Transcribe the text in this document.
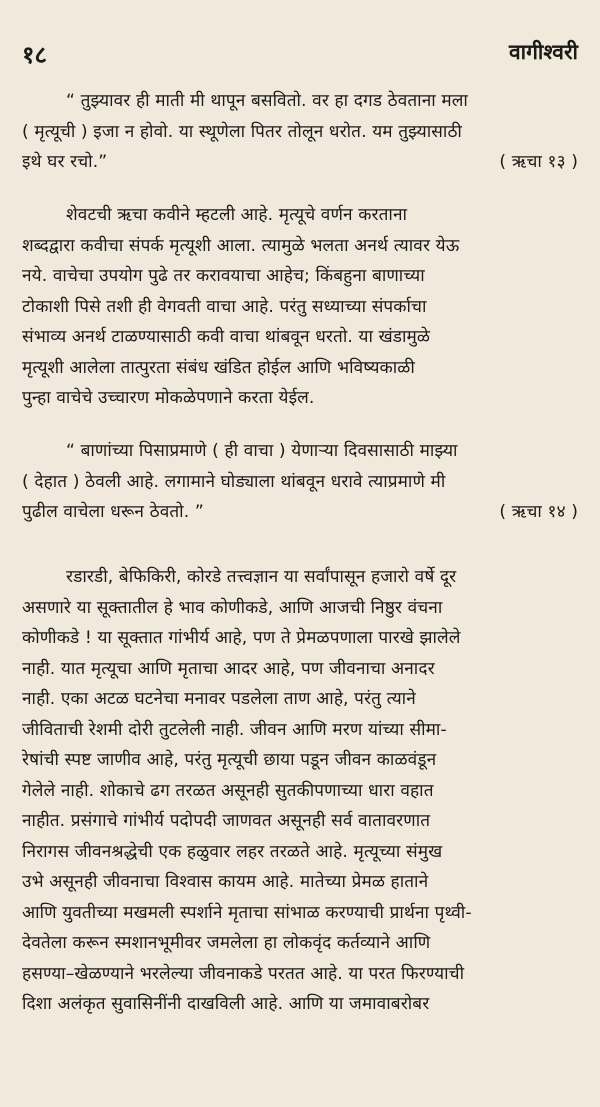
१८	वागीश्वरी
“ तुझ्यावर ही माती मी थापून बसवितो. वर हा दगड ठेवताना मला
( मृत्यूची ) इजा न होवो. या स्थूणेला पितर तोलून धरोत. यम तुझ्यासाठी
इथे घर रचो.”	( ऋचा १३ )
शेवटची ऋचा कवीने म्हटली आहे. मृत्यूचे वर्णन करताना
शब्दद्वारा कवीचा संपर्क मृत्यूशी आला. त्यामुळे भलता अनर्थ त्यावर येऊ
नये. वाचेचा उपयोग पुढे तर करावयाचा आहेच; किंबहुना बाणाच्या
टोकाशी पिसे तशी ही वेगवती वाचा आहे. परंतु सध्याच्या संपर्काचा
संभाव्य अनर्थ टाळण्यासाठी कवी वाचा थांबवून धरतो. या खंडामुळे
मृत्यूशी आलेला तात्पुरता संबंध खंडित होईल आणि भविष्यकाळी
पुन्हा वाचेचे उच्चारण मोकळेपणाने करता येईल.
“ बाणांच्या पिसाप्रमाणे ( ही वाचा ) येणाऱ्या दिवसासाठी माझ्या
( देहात ) ठेवली आहे. लगामाने घोड्याला थांबवून धरावे त्याप्रमाणे मी
पुढील वाचेला धरून ठेवतो. ”	( ऋचा १४ )
रडारडी, बेफिकिरी, कोरडे तत्त्वज्ञान या सर्वांपासून हजारो वर्षे दूर
असणारे या सूक्तातील हे भाव कोणीकडे, आणि आजची निष्ठुर वंचना
कोणीकडे ! या सूक्तात गांभीर्य आहे, पण ते प्रेमळपणाला पारखे झालेले
नाही. यात मृत्यूचा आणि मृताचा आदर आहे, पण जीवनाचा अनादर
नाही. एका अटळ घटनेचा मनावर पडलेला ताण आहे, परंतु त्याने
जीविताची रेशमी दोरी तुटलेली नाही. जीवन आणि मरण यांच्या सीमा-
रेषांची स्पष्ट जाणीव आहे, परंतु मृत्यूची छाया पडून जीवन काळवंडून
गेलेले नाही. शोकाचे ढग तरळत असूनही सुतकीपणाच्या धारा वहात
नाहीत. प्रसंगाचे गांभीर्य पदोपदी जाणवत असूनही सर्व वातावरणात
निरागस जीवनश्रद्धेची एक हळुवार लहर तरळते आहे. मृत्यूच्या संमुख
उभे असूनही जीवनाचा विश्वास कायम आहे. मातेच्या प्रेमळ हाताने
आणि युवतीच्या मखमली स्पर्शाने मृताचा सांभाळ करण्याची प्रार्थना पृथ्वी-
देवतेला करून स्मशानभूमीवर जमलेला हा लोकवृंद कर्तव्याने आणि
हसण्या–खेळण्याने भरलेल्या जीवनाकडे परतत आहे. या परत फिरण्याची
दिशा अलंकृत सुवासिनींनी दाखविली आहे. आणि या जमावाबरोबर
